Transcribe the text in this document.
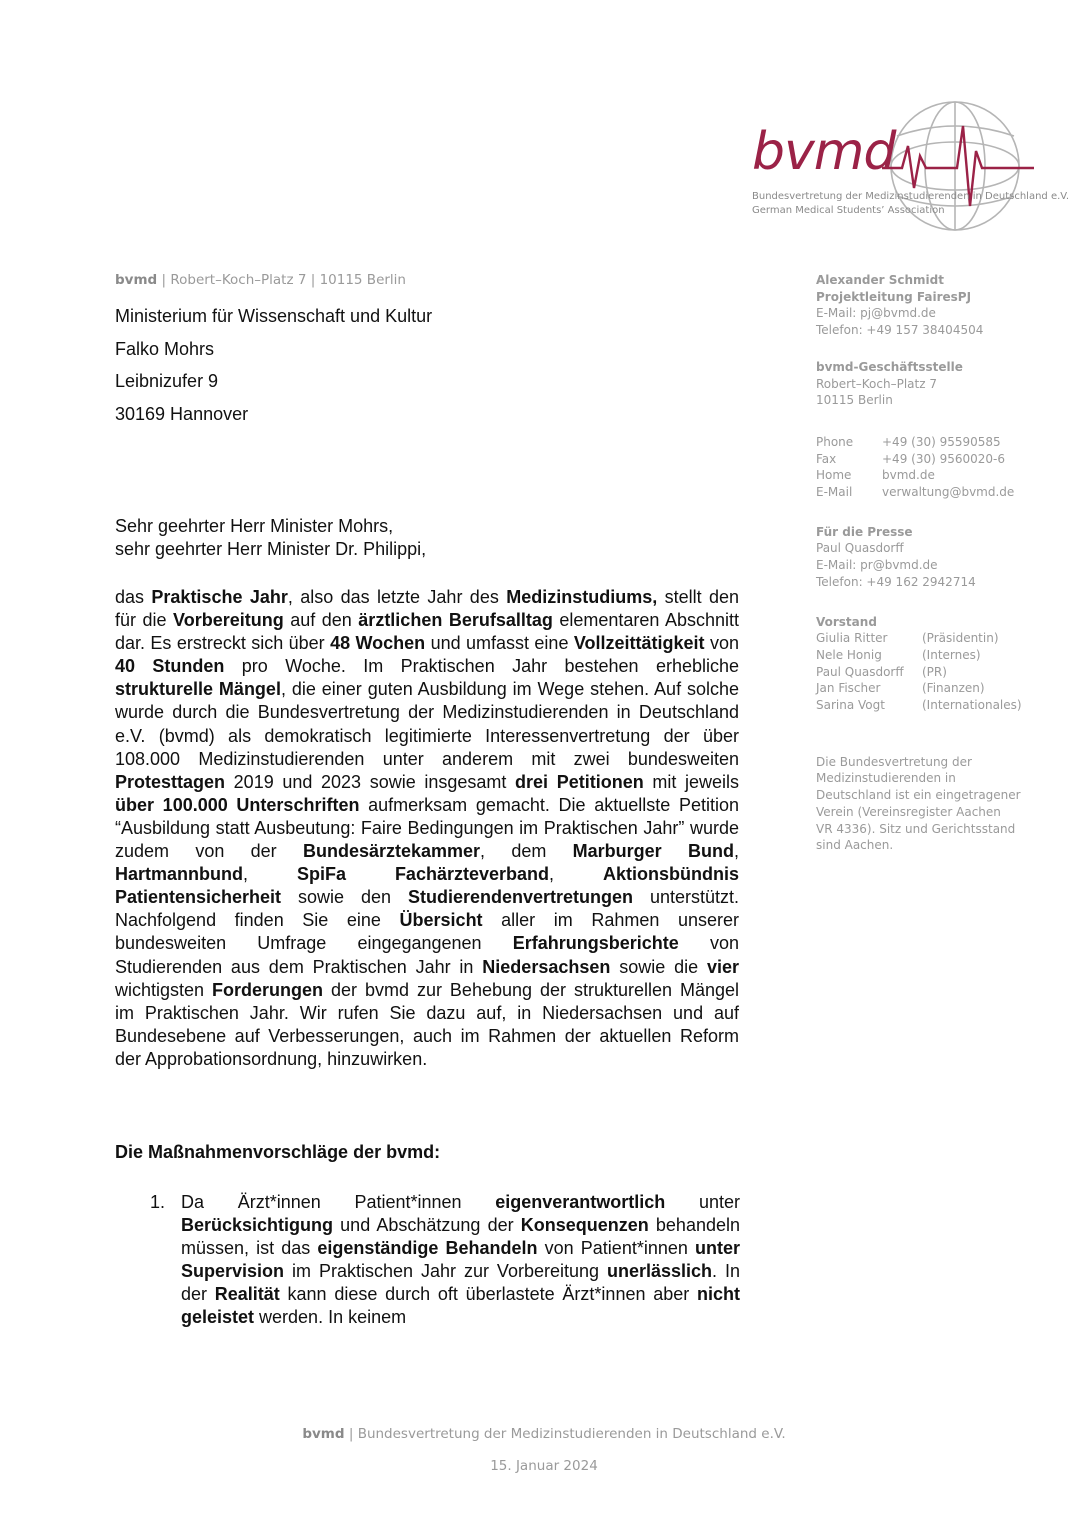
bvmd
Bundesvertretung der Medizinstudierenden in Deutschland e.V.
German Medical Students’ Association
bvmd | Robert–Koch–Platz 7 | 10115 Berlin
Ministerium für Wissenschaft und Kultur
Falko Mohrs
Leibnizufer 9
30169 Hannover
Alexander Schmidt
Projektleitung FairesPJ
E-Mail: pj@bvmd.de
Telefon: +49 157 38404504
bvmd-Geschäftsstelle
Robert–Koch–Platz 7
10115 Berlin
Phone	+49 (30) 95590585
Fax	+49 (30) 9560020-6
Home	bvmd.de
E-Mail	verwaltung@bvmd.de
Für die Presse
Paul Quasdorff
E-Mail: pr@bvmd.de
Telefon: +49 162 2942714
Vorstand
Giulia Ritter	(Präsidentin)
Nele Honig	(Internes)
Paul Quasdorff	(PR)
Jan Fischer	(Finanzen)
Sarina Vogt	(Internationales)
Die Bundesvertretung der
Medizinstudierenden in
Deutschland ist ein eingetragener
Verein (Vereinsregister Aachen
VR 4336). Sitz und Gerichtsstand
sind Aachen.
Sehr geehrter Herr Minister Mohrs,
sehr geehrter Herr Minister Dr. Philippi,
das Praktische Jahr, also das letzte Jahr des Medizinstudiums, stellt den für die Vorbereitung auf den ärztlichen Berufsalltag elementaren Abschnitt dar. Es erstreckt sich über 48 Wochen und umfasst eine Vollzeittätigkeit von 40 Stunden pro Woche. Im Praktischen Jahr bestehen erhebliche strukturelle Mängel, die einer guten Ausbildung im Wege stehen. Auf solche wurde durch die Bundesvertretung der Medizinstudierenden in Deutschland e.V. (bvmd) als demokratisch legitimierte Interessenvertretung der über 108.000 Medizinstudierenden unter anderem mit zwei bundesweiten Protesttagen 2019 und 2023 sowie insgesamt drei Petitionen mit jeweils über 100.000 Unterschriften aufmerksam gemacht. Die aktuellste Petition “Ausbildung statt Ausbeutung: Faire Bedingungen im Praktischen Jahr” wurde zudem von der Bundesärztekammer, dem Marburger Bund, Hartmannbund, SpiFa Fachärzteverband, Aktionsbündnis Patientensicherheit sowie den Studierendenvertretungen unterstützt. Nachfolgend finden Sie eine Übersicht aller im Rahmen unserer bundesweiten Umfrage eingegangenen Erfahrungsberichte von Studierenden aus dem Praktischen Jahr in Niedersachsen sowie die vier wichtigsten Forderungen der bvmd zur Behebung der strukturellen Mängel im Praktischen Jahr. Wir rufen Sie dazu auf, in Niedersachsen und auf Bundesebene auf Verbesserungen, auch im Rahmen der aktuellen Reform der Approbationsordnung, hinzuwirken.
Die Maßnahmenvorschläge der bvmd:
1. Da Ärzt*innen Patient*innen eigenverantwortlich unter Berücksichtigung und Abschätzung der Konsequenzen behandeln müssen, ist das eigenständige Behandeln von Patient*innen unter Supervision im Praktischen Jahr zur Vorbereitung unerlässlich. In der Realität kann diese durch oft überlastete Ärzt*innen aber nicht geleistet werden. In keinem
bvmd | Bundesvertretung der Medizinstudierenden in Deutschland e.V.
15. Januar 2024
